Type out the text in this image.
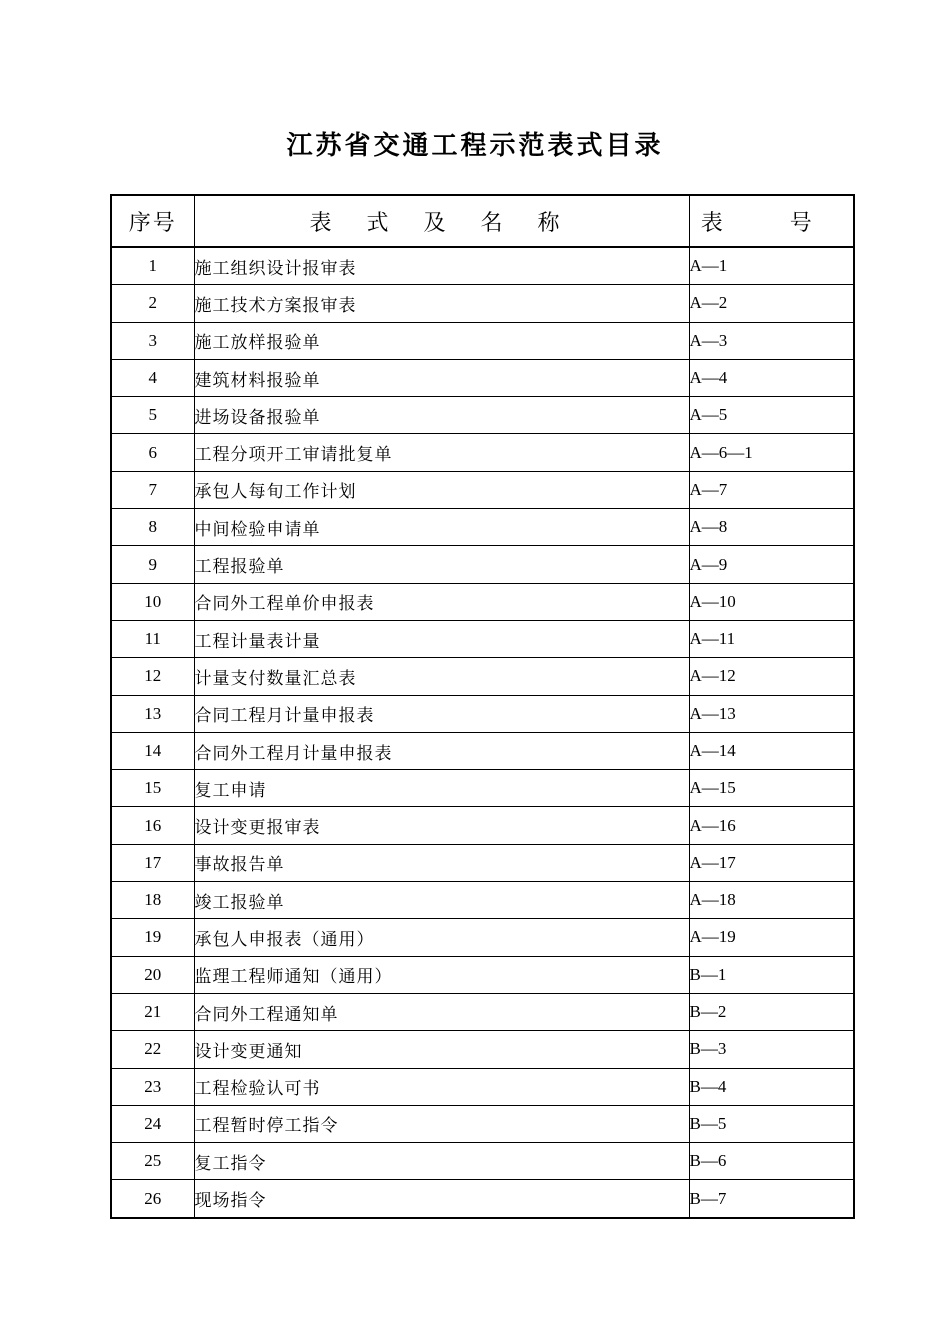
江苏省交通工程示范表式目录
序号	表 式 及 名 称	表 号
1	施工组织设计报审表	A—1
2	施工技术方案报审表	A—2
3	施工放样报验单	A—3
4	建筑材料报验单	A—4
5	进场设备报验单	A—5
6	工程分项开工审请批复单	A—6—1
7	承包人每旬工作计划	A—7
8	中间检验申请单	A—8
9	工程报验单	A—9
10	合同外工程单价申报表	A—10
11	工程计量表计量	A—11
12	计量支付数量汇总表	A—12
13	合同工程月计量申报表	A—13
14	合同外工程月计量申报表	A—14
15	复工申请	A—15
16	设计变更报审表	A—16
17	事故报告单	A—17
18	竣工报验单	A—18
19	承包人申报表（通用）	A—19
20	监理工程师通知（通用）	B—1
21	合同外工程通知单	B—2
22	设计变更通知	B—3
23	工程检验认可书	B—4
24	工程暂时停工指令	B—5
25	复工指令	B—6
26	现场指令	B—7
